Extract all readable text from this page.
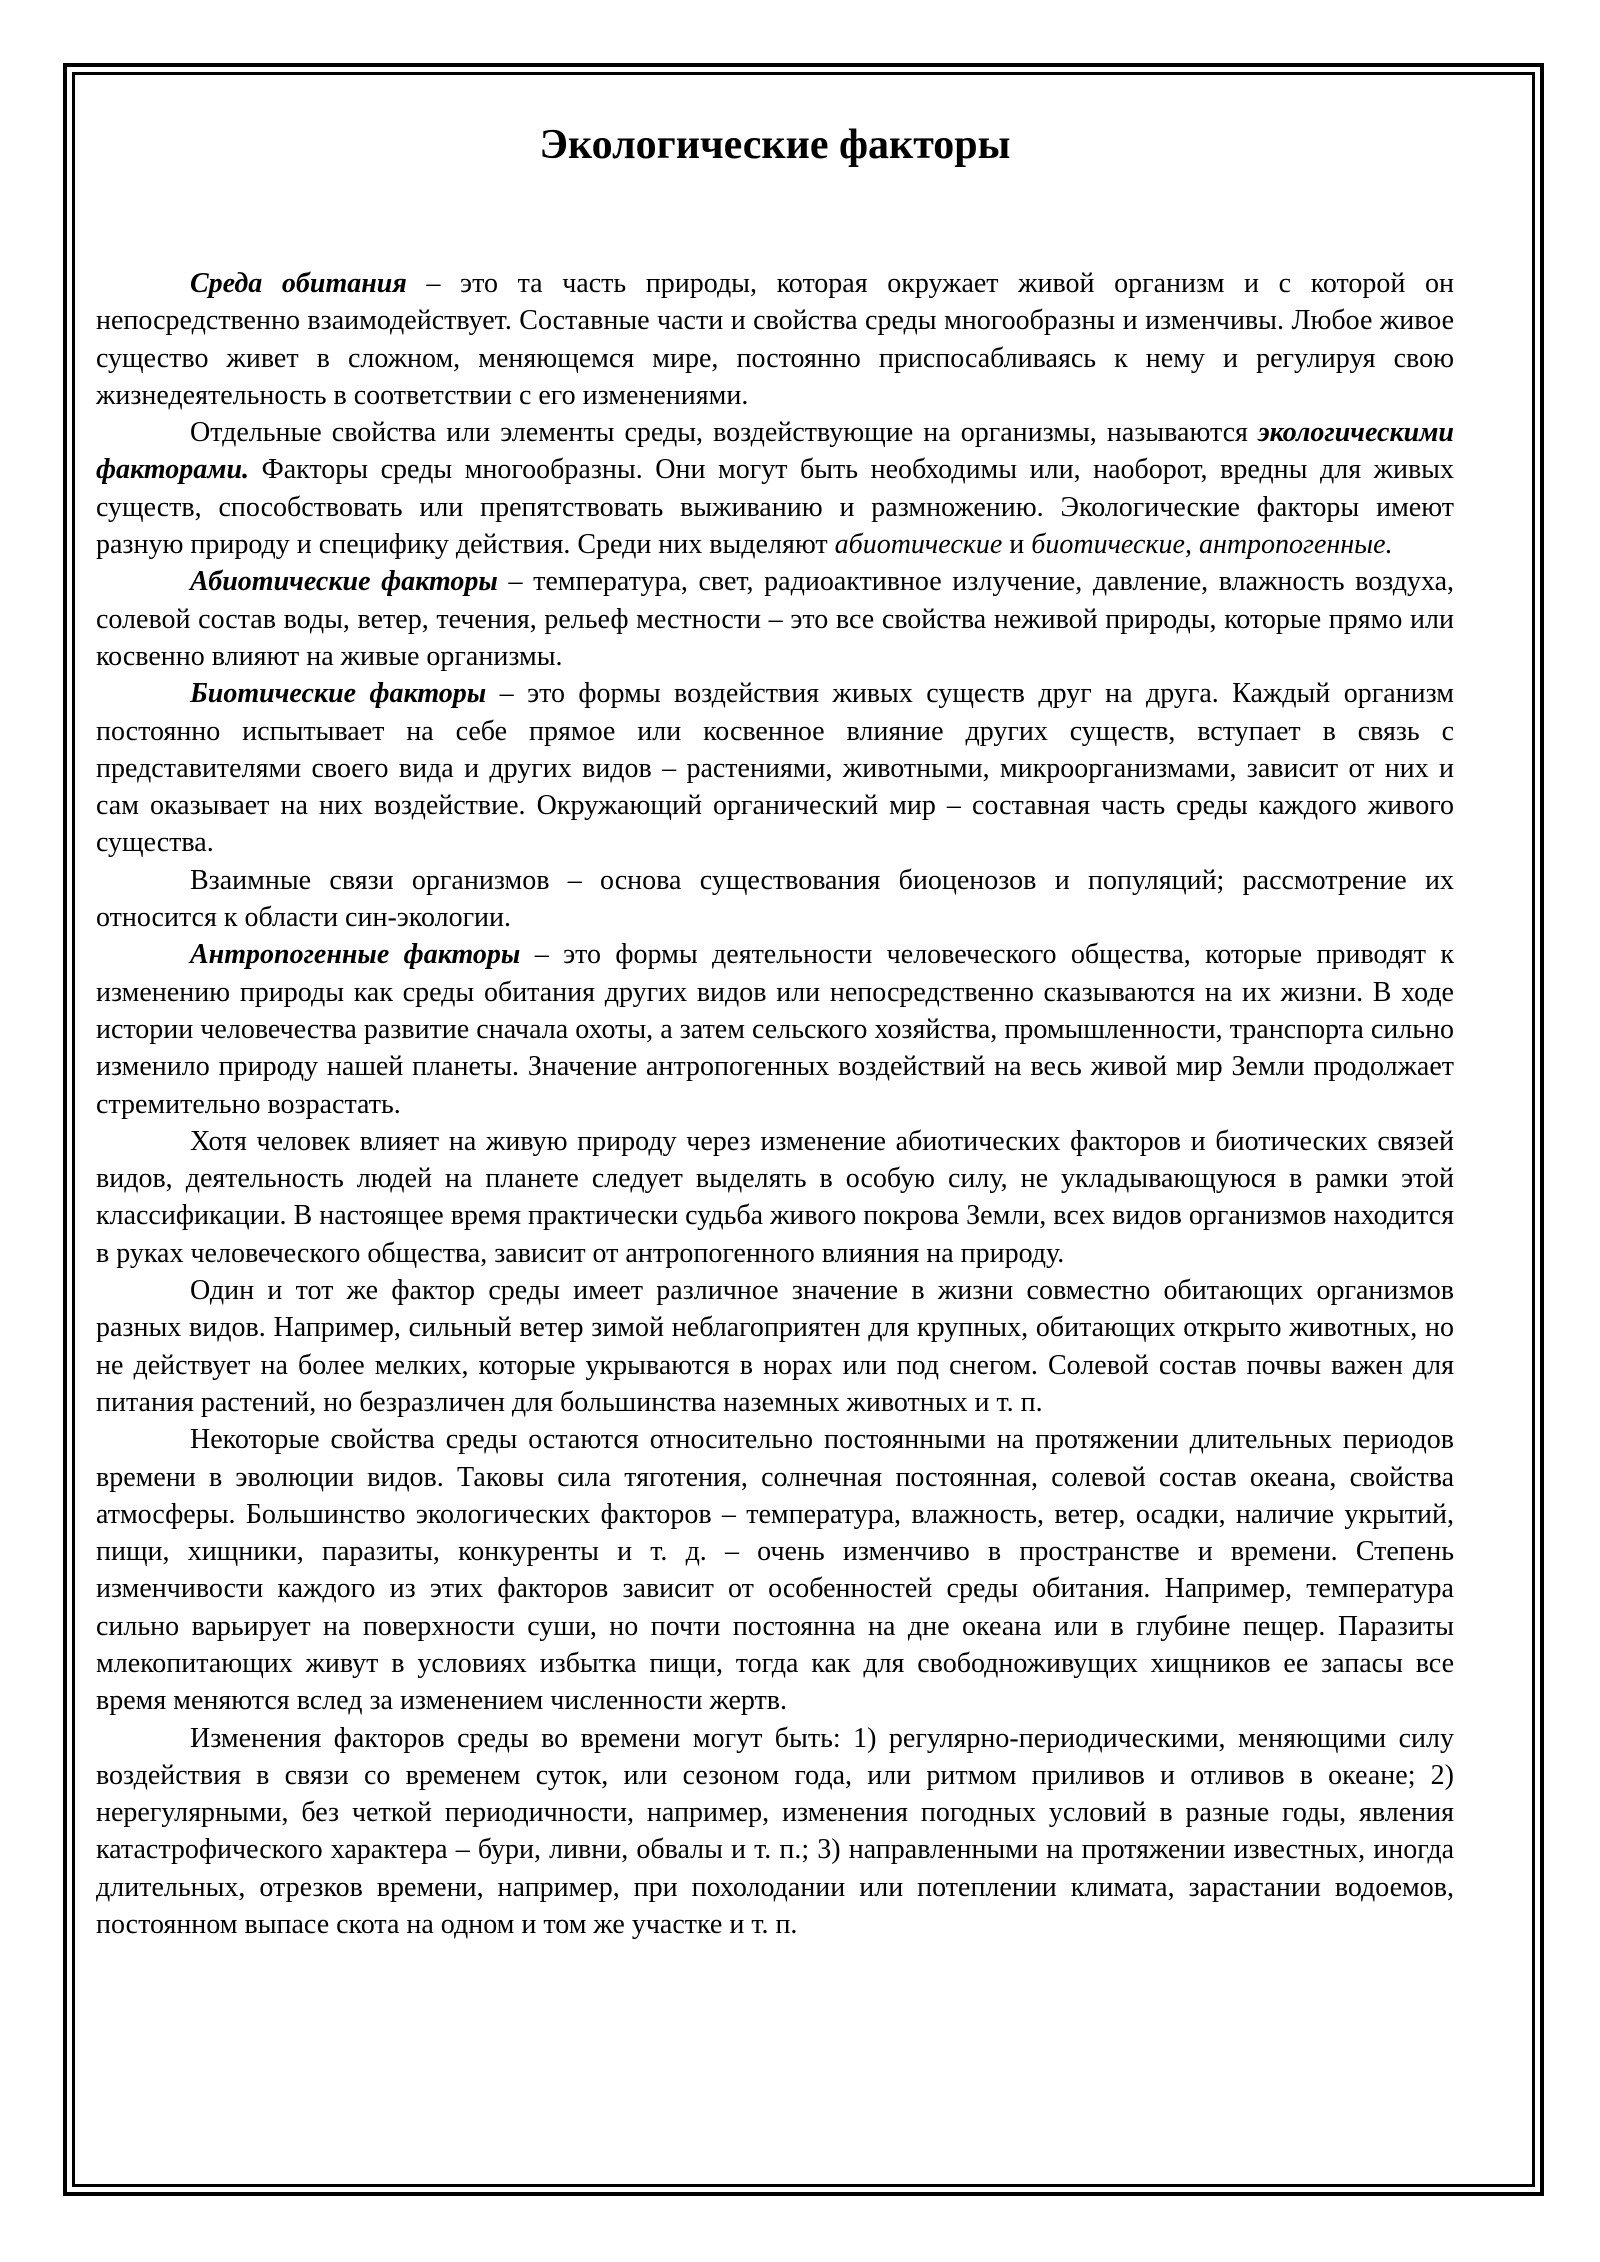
Экологические факторы

Среда обитания – это та часть природы, которая окружает живой организм и с которой он непосредственно взаимодействует. Составные части и свойства среды многообразны и изменчивы. Любое живое существо живет в сложном, меняющемся мире, постоянно приспосабливаясь к нему и регулируя свою жизнедеятельность в соответствии с его изменениями.

Отдельные свойства или элементы среды, воздействующие на организмы, называются экологическими факторами. Факторы среды многообразны. Они могут быть необходимы или, наоборот, вредны для живых существ, способствовать или препятствовать выживанию и размножению. Экологические факторы имеют разную природу и специфику действия. Среди них выделяют абиотические и биотические, антропогенные.

Абиотические факторы – температура, свет, радиоактивное излучение, давление, влажность воздуха, солевой состав воды, ветер, течения, рельеф местности – это все свойства неживой природы, которые прямо или косвенно влияют на живые организмы.

Биотические факторы – это формы воздействия живых существ друг на друга. Каждый организм постоянно испытывает на себе прямое или косвенное влияние других существ, вступает в связь с представителями своего вида и других видов – растениями, животными, микроорганизмами, зависит от них и сам оказывает на них воздействие. Окружающий органический мир – составная часть среды каждого живого существа.

Взаимные связи организмов – основа существования биоценозов и популяций; рассмотрение их относится к области син-экологии.

Антропогенные факторы – это формы деятельности человеческого общества, которые приводят к изменению природы как среды обитания других видов или непосредственно сказываются на их жизни. В ходе истории человечества развитие сначала охоты, а затем сельского хозяйства, промышленности, транспорта сильно изменило природу нашей планеты. Значение антропогенных воздействий на весь живой мир Земли продолжает стремительно возрастать.

Хотя человек влияет на живую природу через изменение абиотических факторов и биотических связей видов, деятельность людей на планете следует выделять в особую силу, не укладывающуюся в рамки этой классификации. В настоящее время практически судьба живого покрова Земли, всех видов организмов находится в руках человеческого общества, зависит от антропогенного влияния на природу.

Один и тот же фактор среды имеет различное значение в жизни совместно обитающих организмов разных видов. Например, сильный ветер зимой неблагоприятен для крупных, обитающих открыто животных, но не действует на более мелких, которые укрываются в норах или под снегом. Солевой состав почвы важен для питания растений, но безразличен для большинства наземных животных и т. п.

Некоторые свойства среды остаются относительно постоянными на протяжении длительных периодов времени в эволюции видов. Таковы сила тяготения, солнечная постоянная, солевой состав океана, свойства атмосферы. Большинство экологических факторов – температура, влажность, ветер, осадки, наличие укрытий, пищи, хищники, паразиты, конкуренты и т. д. – очень изменчиво в пространстве и времени. Степень изменчивости каждого из этих факторов зависит от особенностей среды обитания. Например, температура сильно варьирует на поверхности суши, но почти постоянна на дне океана или в глубине пещер. Паразиты млекопитающих живут в условиях избытка пищи, тогда как для свободноживущих хищников ее запасы все время меняются вслед за изменением численности жертв.

Изменения факторов среды во времени могут быть: 1) регулярно-периодическими, меняющими силу воздействия в связи со временем суток, или сезоном года, или ритмом приливов и отливов в океане; 2) нерегулярными, без четкой периодичности, например, изменения погодных условий в разные годы, явления катастрофического характера – бури, ливни, обвалы и т. п.; 3) направленными на протяжении известных, иногда длительных, отрезков времени, например, при похолодании или потеплении климата, зарастании водоемов, постоянном выпасе скота на одном и том же участке и т. п.
